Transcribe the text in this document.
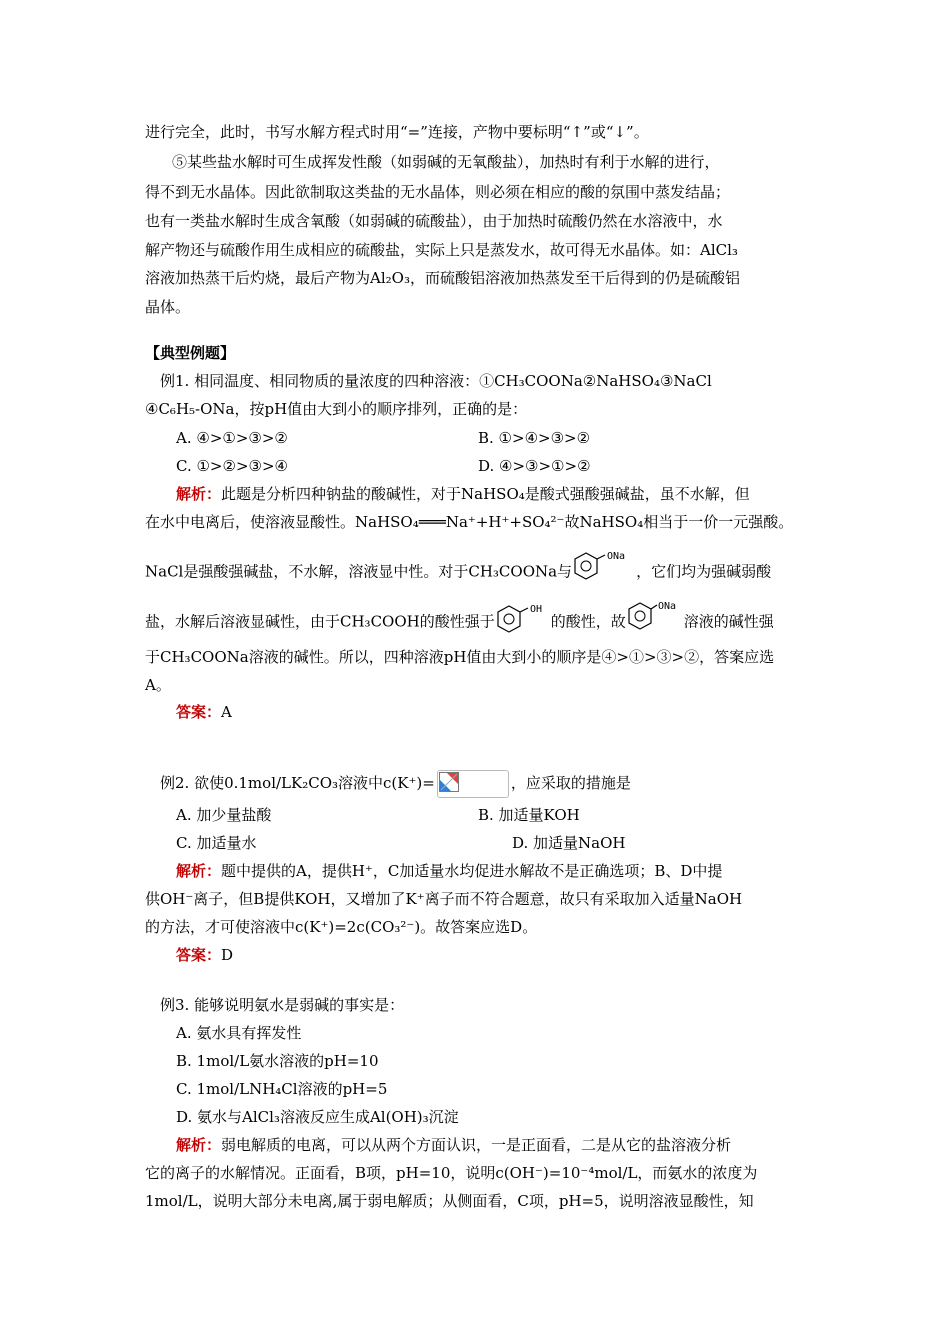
进行完全，此时，书写水解方程式时用“=”连接，产物中要标明“↑”或“↓”。
⑤某些盐水解时可生成挥发性酸（如弱碱的无氧酸盐），加热时有利于水解的进行，
得不到无水晶体。因此欲制取这类盐的无水晶体，则必须在相应的酸的氛围中蒸发结晶；
也有一类盐水解时生成含氧酸（如弱碱的硫酸盐），由于加热时硫酸仍然在水溶液中，水
解产物还与硫酸作用生成相应的硫酸盐，实际上只是蒸发水，故可得无水晶体。如：AlCl₃
溶液加热蒸干后灼烧，最后产物为Al₂O₃，而硫酸铝溶液加热蒸发至干后得到的仍是硫酸铝
晶体。
【典型例题】
例1. 相同温度、相同物质的量浓度的四种溶液：①CH₃COONa②NaHSO₄③NaCl
④C₆H₅-ONa，按pH值由大到小的顺序排列，正确的是：
A. ④>①>③>②	B. ①>④>③>②
C. ①>②>③>④	D. ④>③>①>②
解析：此题是分析四种钠盐的酸碱性，对于NaHSO₄是酸式强酸强碱盐，虽不水解，但
在水中电离后，使溶液显酸性。NaHSO₄═══Na⁺+H⁺+SO₄²⁻故NaHSO₄相当于一价一元强酸。
NaCl是强酸强碱盐，不水解，溶液显中性。对于CH₃COONa与
ONa
，它们均为强碱弱酸
盐，水解后溶液显碱性，由于CH₃COOH的酸性强于
OH
的酸性，故
ONa
溶液的碱性强
于CH₃COONa溶液的碱性。所以，四种溶液pH值由大到小的顺序是④>①>③>②，答案应选
A。
答案：A
例2. 欲使0.1mol/LK₂CO₃溶液中c(K⁺)=	，应采取的措施是
A. 加少量盐酸	B. 加适量KOH
C. 加适量水	D. 加适量NaOH
解析：题中提供的A，提供H⁺，C加适量水均促进水解故不是正确选项；B、D中提
供OH⁻离子，但B提供KOH，又增加了K⁺离子而不符合题意，故只有采取加入适量NaOH
的方法，才可使溶液中c(K⁺)=2c(CO₃²⁻)。故答案应选D。
答案：D
例3. 能够说明氨水是弱碱的事实是：
A. 氨水具有挥发性
B. 1mol/L氨水溶液的pH=10
C. 1mol/LNH₄Cl溶液的pH=5
D. 氨水与AlCl₃溶液反应生成Al(OH)₃沉淀
解析：弱电解质的电离，可以从两个方面认识，一是正面看，二是从它的盐溶液分析
它的离子的水解情况。正面看，B项，pH=10，说明c(OH⁻)=10⁻⁴mol/L，而氨水的浓度为
1mol/L，说明大部分未电离,属于弱电解质；从侧面看，C项，pH=5，说明溶液显酸性，知
